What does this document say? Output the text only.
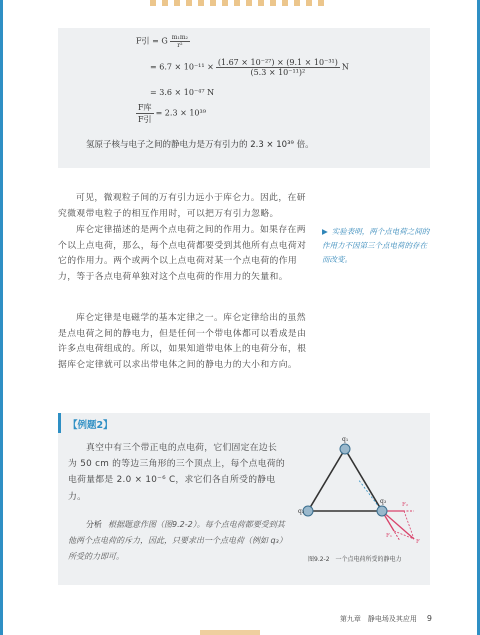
F引 = G $\frac{\text{m₁m₂}}{\text{r²}}$
= $6.7 \times 10^{-11} \times \frac{\text{(1.67 × 10⁻²⁷) × (9.1 × 10⁻³¹)}}{\text{(5.3 × 10⁻¹¹)²}}$ N
= 3.6 × 10⁻⁴⁷ N
$\frac{\text{F库}}{\text{F引}} = 2.3 \times 10^{39}$
氢原子核与电子之间的静电力是万有引力的 2.3 × 10³⁹ 倍。
可见，微观粒子间的万有引力远小于库仑力。因此，在研究微观带电粒子的相互作用时，可以把万有引力忽略。
库仑定律描述的是两个点电荷之间的作用力。如果存在两个以上点电荷，那么，每个点电荷都要受到其他所有点电荷对它的作用力。两个或两个以上点电荷对某一个点电荷的作用力，等于各点电荷单独对这个点电荷的作用力的矢量和。
库仑定律是电磁学的基本定律之一。库仑定律给出的虽然是点电荷之间的静电力，但是任何一个带电体都可以看成是由许多点电荷组成的。所以，如果知道带电体上的电荷分布，根据库仑定律就可以求出带电体之间的静电力的大小和方向。
▶ 实验表明，两个点电荷之间的作用力不因第三个点电荷的存在而改变。
【例题2】
真空中有三个带正电的点电荷，它们固定在边长为 50 cm 的等边三角形的三个顶点上，每个点电荷的电荷量都是 2.0 × 10⁻⁶ C，求它们各自所受的静电力。
分析 根据题意作图（图9.2-2）。每个点电荷都要受到其他两个点电荷的斥力，因此，只要求出一个点电荷（例如 q₃）所受的力即可。
q₁
q₂
q₃	F₂
F₁
F
图9.2-2　一个点电荷所受的静电力
第九章　静电场及其应用 9
